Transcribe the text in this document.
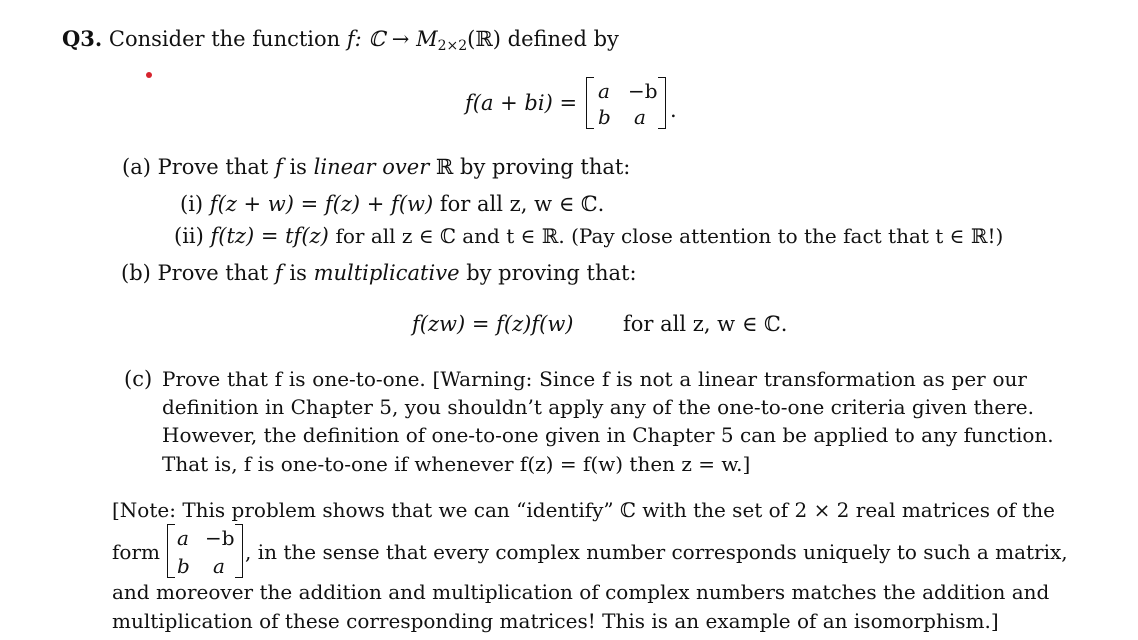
Q3. Consider the function f: ℂ → $M_{2\times 2}(ℝ)$ defined by
f(a + bi) = a −b
b a .
(a) Prove that f is linear over ℝ by proving that:
(i) f(z + w) = f(z) + f(w) for all z, w ∈ ℂ.
(ii) f(tz) = tf(z) for all z ∈ ℂ and t ∈ ℝ. (Pay close attention to the fact that t ∈ ℝ!)
(b) Prove that f is multiplicative by proving that:
f(zw) = f(z)f(w) for all z, w ∈ ℂ.
(c) Prove that f is one-to-one. [Warning: Since f is not a linear transformation as per our
definition in Chapter 5, you shouldn’t apply any of the one-to-one criteria given there.
However, the definition of one-to-one given in Chapter 5 can be applied to any function.
That is, f is one-to-one if whenever f(z) = f(w) then z = w.]
[Note: This problem shows that we can “identify” ℂ with the set of 2 × 2 real matrices of the
form
a −b
b a
, in the sense that every complex number corresponds uniquely to such a matrix,
and moreover the addition and multiplication of complex numbers matches the addition and
multiplication of these corresponding matrices! This is an example of an isomorphism.]
